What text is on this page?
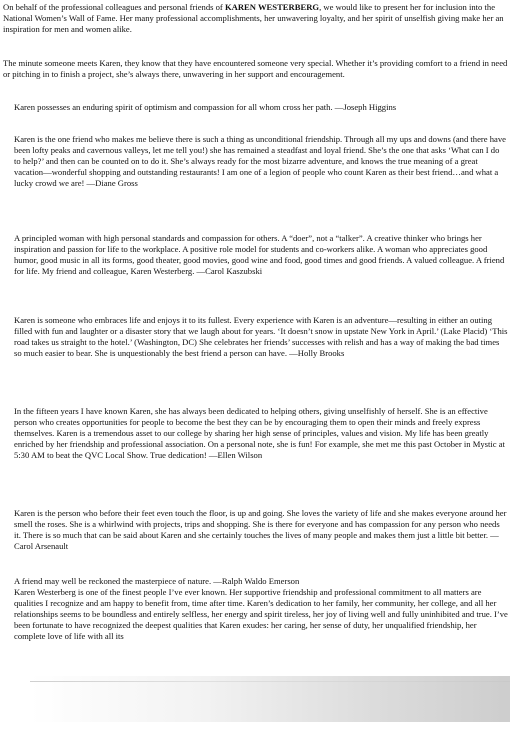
On behalf of the professional colleagues and personal friends of KAREN WESTERBERG, we would like to present her for inclusion into the National Women’s Wall of Fame. Her many professional accomplishments, her unwavering loyalty, and her spirit of unselfish giving make her an inspiration for men and women alike.

The minute someone meets Karen, they know that they have encountered someone very special. Whether it’s providing comfort to a friend in need or pitching in to finish a project, she’s always there, unwavering in her support and encouragement.

Karen possesses an enduring spirit of optimism and compassion for all whom cross her path. —Joseph Higgins

Karen is the one friend who makes me believe there is such a thing as unconditional friendship. Through all my ups and downs (and there have been lofty peaks and cavernous valleys, let me tell you!) she has remained a steadfast and loyal friend. She’s the one that asks ‘What can I do to help?’ and then can be counted on to do it. She’s always ready for the most bizarre adventure, and knows the true meaning of a great vacation—wonderful shopping and outstanding restaurants! I am one of a legion of people who count Karen as their best friend…and what a lucky crowd we are! —Diane Gross

A principled woman with high personal standards and compassion for others. A “doer”, not a “talker”. A creative thinker who brings her inspiration and passion for life to the workplace. A positive role model for students and co-workers alike. A woman who appreciates good humor, good music in all its forms, good theater, good movies, good wine and food, good times and good friends. A valued colleague. A friend for life. My friend and colleague, Karen Westerberg. —Carol Kaszubski

Karen is someone who embraces life and enjoys it to its fullest. Every experience with Karen is an adventure—resulting in either an outing filled with fun and laughter or a disaster story that we laugh about for years. ‘It doesn’t snow in upstate New York in April.’ (Lake Placid) ‘This road takes us straight to the hotel.’ (Washington, DC) She celebrates her friends’ successes with relish and has a way of making the bad times so much easier to bear. She is unquestionably the best friend a person can have. —Holly Brooks

In the fifteen years I have known Karen, she has always been dedicated to helping others, giving unselfishly of herself. She is an effective person who creates opportunities for people to become the best they can be by encouraging them to open their minds and freely express themselves. Karen is a tremendous asset to our college by sharing her high sense of principles, values and vision. My life has been greatly enriched by her friendship and professional association. On a personal note, she is fun! For example, she met me this past October in Mystic at 5:30 AM to beat the QVC Local Show. True dedication! —Ellen Wilson

Karen is the person who before their feet even touch the floor, is up and going. She loves the variety of life and she makes everyone around her smell the roses. She is a whirlwind with projects, trips and shopping. She is there for everyone and has compassion for any person who needs it. There is so much that can be said about Karen and she certainly touches the lives of many people and makes them just a little bit better. —Carol Arsenault

A friend may well be reckoned the masterpiece of nature. —Ralph Waldo Emerson
Karen Westerberg is one of the finest people I’ve ever known. Her supportive friendship and professional commitment to all matters are qualities I recognize and am happy to benefit from, time after time. Karen’s dedication to her family, her community, her college, and all her relationships seems to be boundless and entirely selfless, her energy and spirit tireless, her joy of living well and fully uninhibited and true. I’ve been fortunate to have recognized the deepest qualities that Karen exudes: her caring, her sense of duty, her unqualified friendship, her complete love of life with all its
